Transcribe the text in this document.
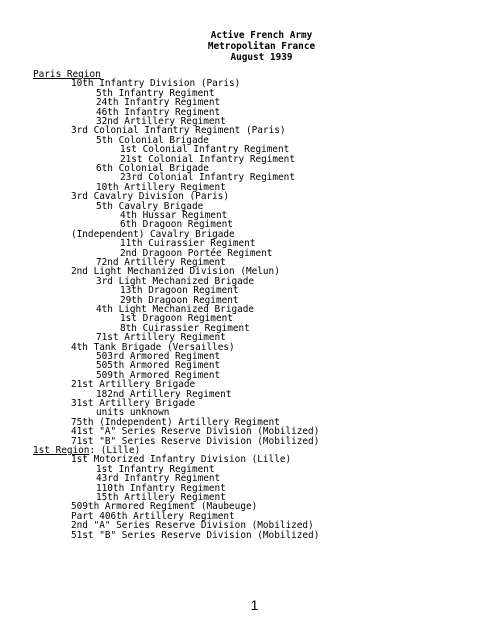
Active French Army
Metropolitan France
August 1939
Paris Region
10th Infantry Division (Paris)
5th Infantry Regiment
24th Infantry Regiment
46th Infantry Regiment
32nd Artillery Regiment
3rd Colonial Infantry Regiment (Paris)
5th Colonial Brigade
1st Colonial Infantry Regiment
21st Colonial Infantry Regiment
6th Colonial Brigade
23rd Colonial Infantry Regiment
10th Artillery Regiment
3rd Cavalry Division (Paris)
5th Cavalry Brigade
4th Hussar Regiment
6th Dragoon Regiment
(Independent) Cavalry Brigade
11th Cuirassier Regiment
2nd Dragoon Portée Regiment
72nd Artillery Regiment
2nd Light Mechanized Division (Melun)
3rd Light Mechanized Brigade
13th Dragoon Regiment
29th Dragoon Regiment
4th Light Mechanized Brigade
1st Dragoon Regiment
8th Cuirassier Regiment
71st Artillery Regiment
4th Tank Brigade (Versailles)
503rd Armored Regiment
505th Armored Regiment
509th Armored Regiment
21st Artillery Brigade
182nd Artillery Regiment
31st Artillery Brigade
units unknown
75th (Independent) Artillery Regiment
41st "A" Series Reserve Division (Mobilized)
71st "B" Series Reserve Division (Mobilized)
1st Region: (Lille)
1st Motorized Infantry Division (Lille)
1st Infantry Regiment
43rd Infantry Regiment
110th Infantry Regiment
15th Artillery Regiment
509th Armored Regiment (Maubeuge)
Part 406th Artillery Regiment
2nd "A" Series Reserve Division (Mobilized)
51st "B" Series Reserve Division (Mobilized)
1
